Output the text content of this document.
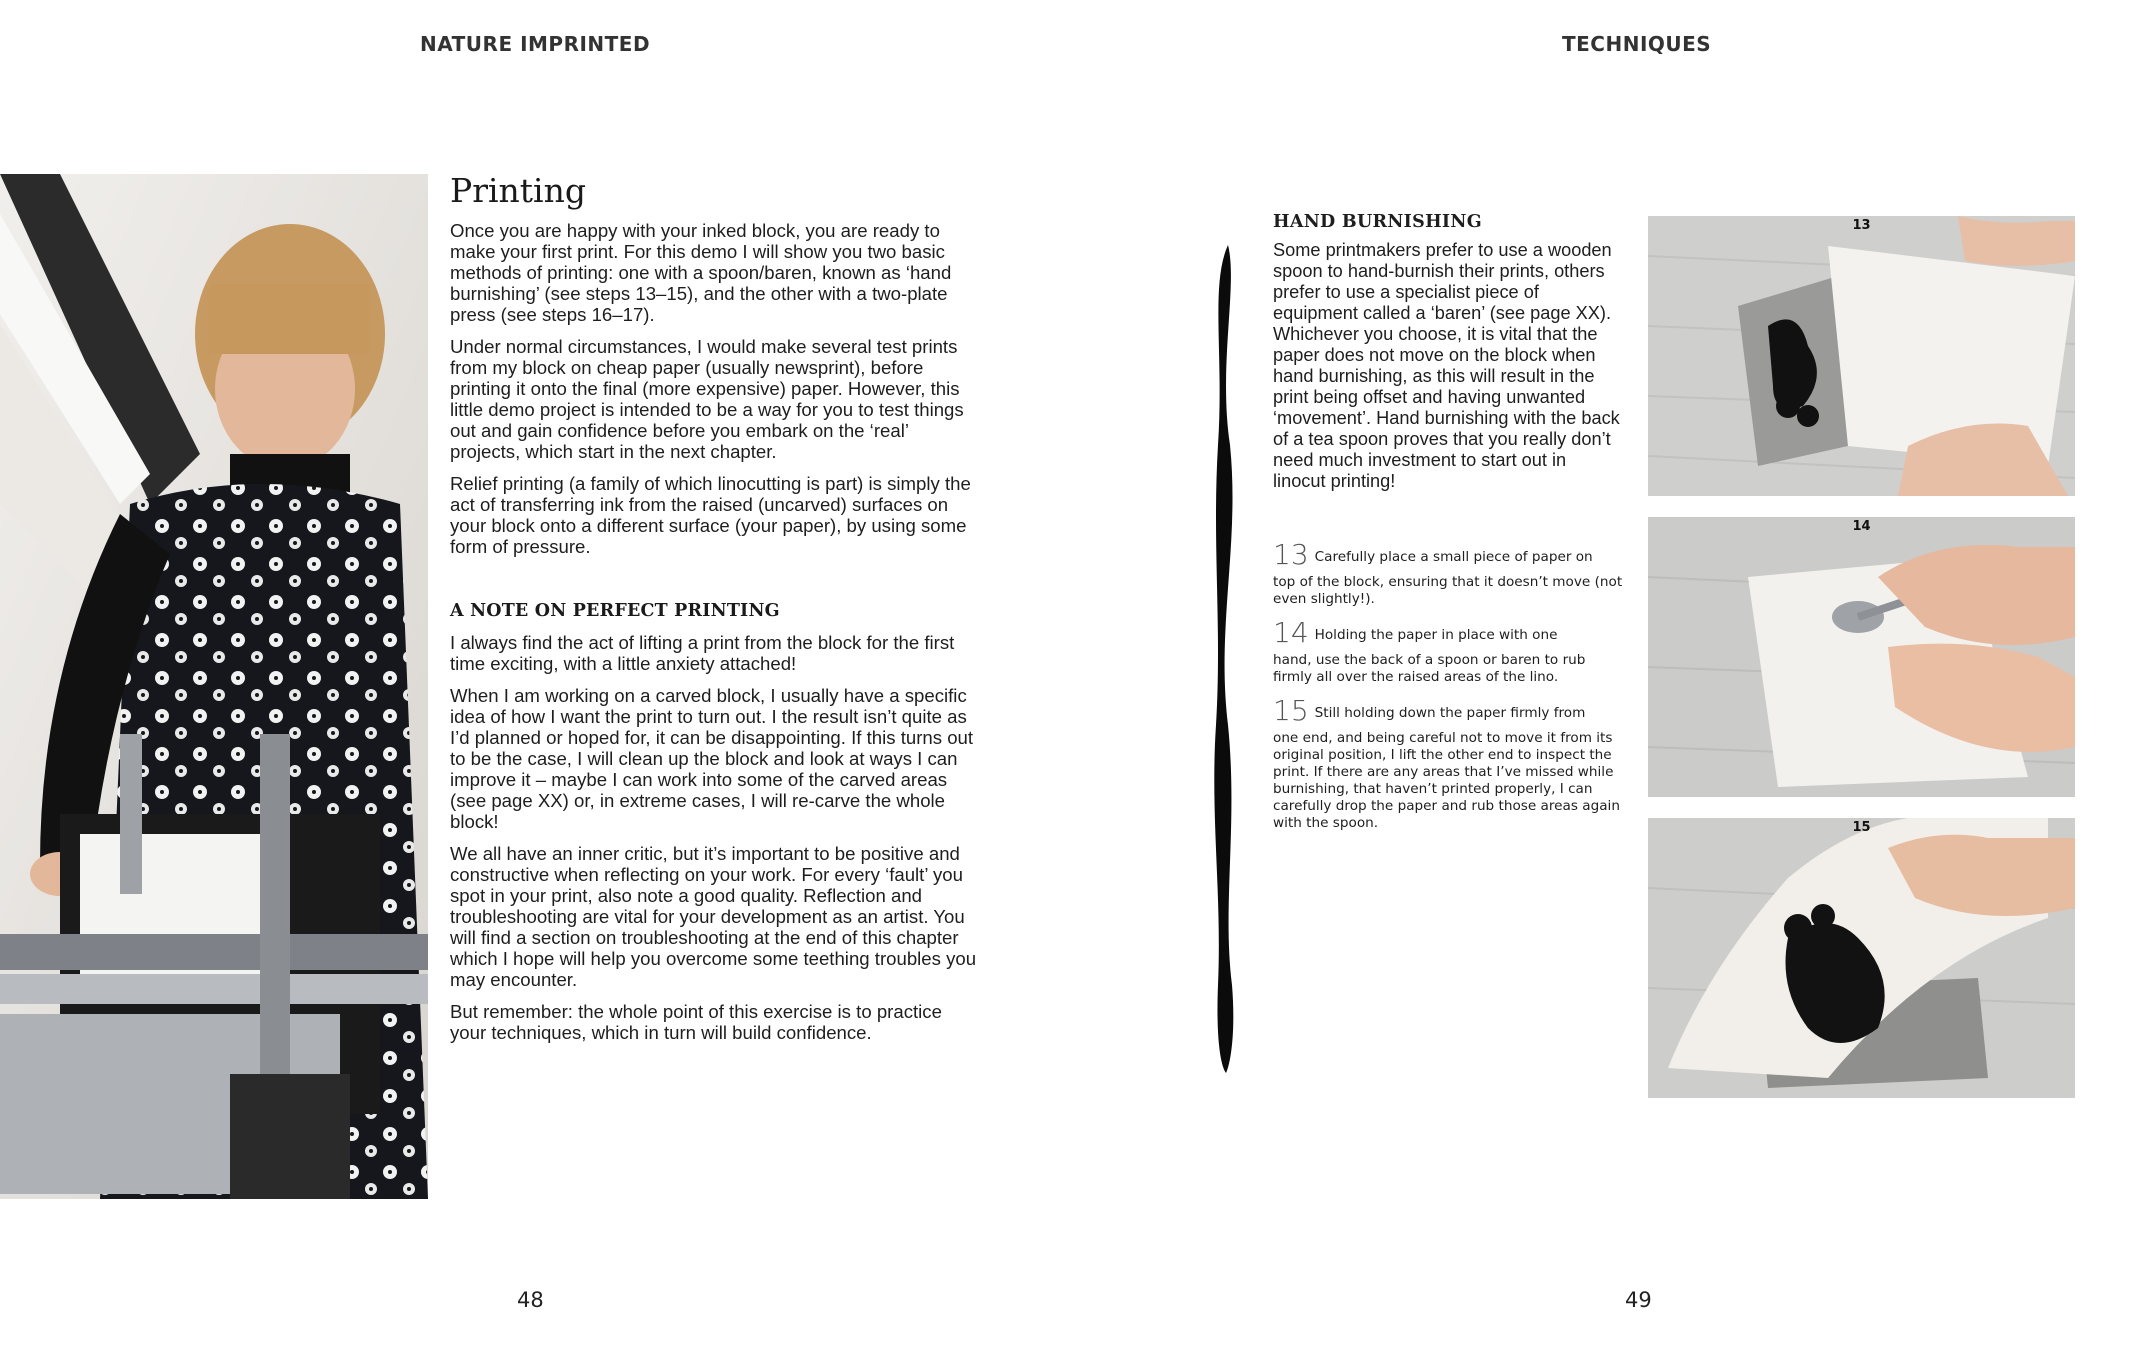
NATURE IMPRINTED	TECHNIQUES
Printing

Once you are happy with your inked block, you are ready to make your first print. For this demo I will show you two basic methods of printing: one with a spoon/baren, known as ‘hand burnishing’ (see steps 13–15), and the other with a two-plate press (see steps 16–17).

Under normal circumstances, I would make several test prints from my block on cheap paper (usually newsprint), before printing it onto the final (more expensive) paper. However, this little demo project is intended to be a way for you to test things out and gain confidence before you embark on the ‘real’ projects, which start in the next chapter.

Relief printing (a family of which linocutting is part) is simply the act of transferring ink from the raised (uncarved) surfaces on your block onto a different surface (your paper), by using some form of pressure.

A NOTE ON PERFECT PRINTING

I always find the act of lifting a print from the block for the first time exciting, with a little anxiety attached!

When I am working on a carved block, I usually have a specific idea of how I want the print to turn out. I the result isn’t quite as I’d planned or hoped for, it can be disappointing. If this turns out to be the case, I will clean up the block and look at ways I can improve it – maybe I can work into some of the carved areas (see page XX) or, in extreme cases, I will re-carve the whole block!

We all have an inner critic, but it’s important to be positive and constructive when reflecting on your work. For every ‘fault’ you spot in your print, also note a good quality. Reflection and troubleshooting are vital for your development as an artist. You will find a section on troubleshooting at the end of this chapter which I hope will help you overcome some teething troubles you may encounter.

But remember: the whole point of this exercise is to practice your techniques, which in turn will build confidence.

HAND BURNISHING

Some printmakers prefer to use a wooden spoon to hand-burnish their prints, others prefer to use a specialist piece of equipment called a ‘baren’ (see page XX). Whichever you choose, it is vital that the paper does not move on the block when hand burnishing, as this will result in the print being offset and having unwanted ‘movement’. Hand burnishing with the back of a tea spoon proves that you really don’t need much investment to start out in linocut printing!

13 Carefully place a small piece of paper on
top of the block, ensuring that it doesn’t move (not even slightly!).
14 Holding the paper in place with one
hand, use the back of a spoon or baren to rub firmly all over the raised areas of the lino.
15 Still holding down the paper firmly from
one end, and being careful not to move it from its original position, I lift the other end to inspect the print. If there are any areas that I’ve missed while burnishing, that haven’t printed properly, I can carefully drop the paper and rub those areas again with the spoon.
13
14
15
48	49
